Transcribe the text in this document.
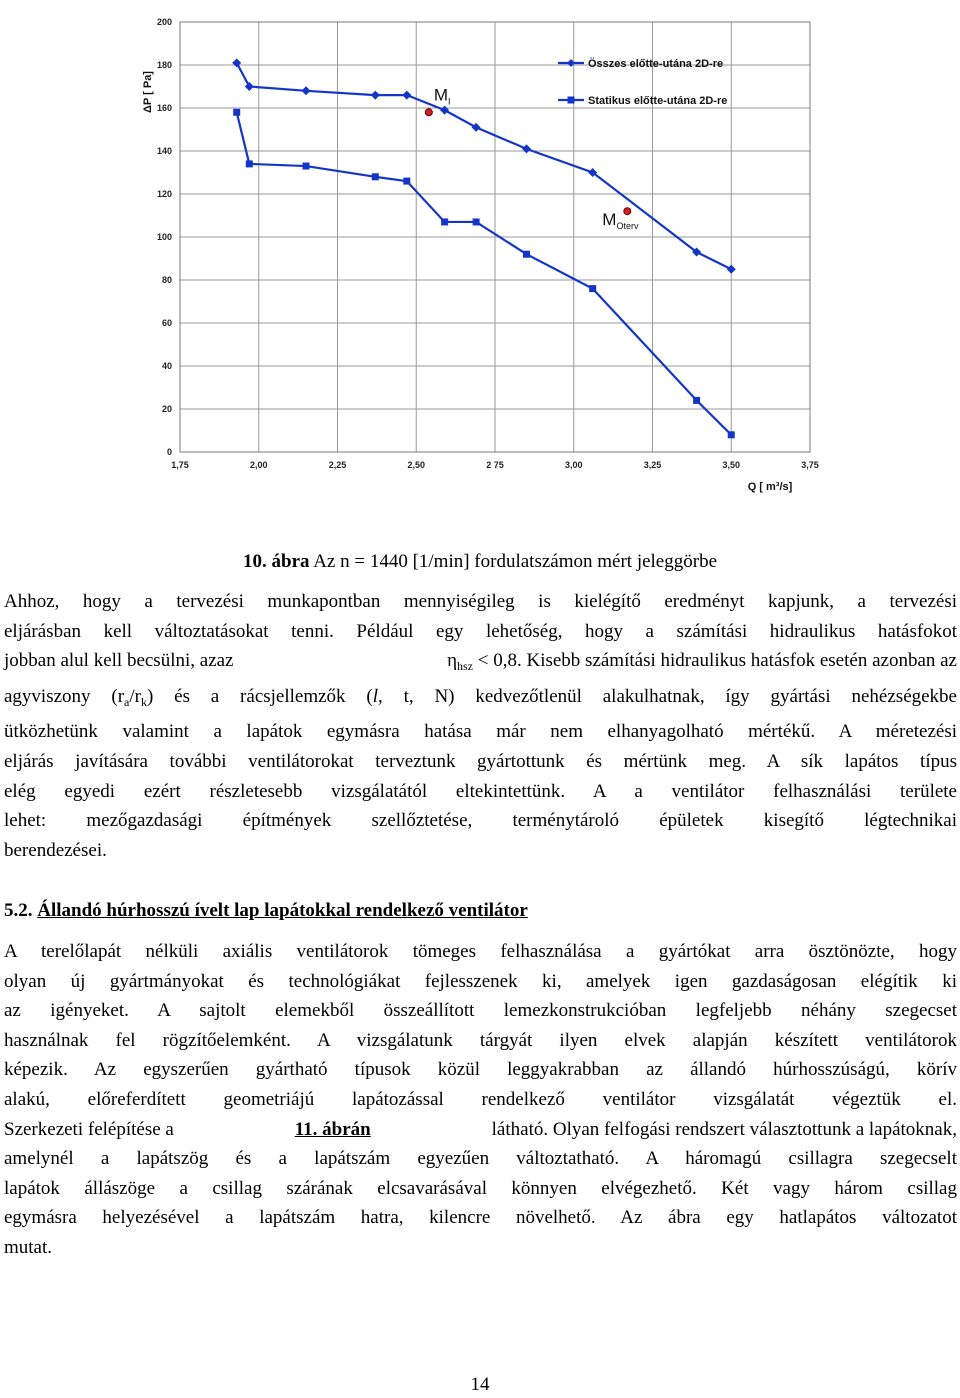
0
20
40
60
80
100
120
140
160
180
200
1,75	2,00	2,25	2,50	2 75	3,00	3,25	3,50	3,75
ΔP [ Pa]
Q [ m³/s]
$M_I$
$M_{Oterv}$
Összes előtte-utána 2D-re
Statikus előtte-utána 2D-re
10. ábra Az n = 1440 [1/min] fordulatszámon mért jeleggörbe
Ahhoz, hogy a tervezési munkapontban mennyiségileg is kielégítő eredményt kapjunk, a tervezési
eljárásban kell változtatásokat tenni. Például egy lehetőség, hogy a számítási hidraulikus hatásfokot
jobban alul kell becsülni, azaz	$\eta_{hsz} < 0,8$. Kisebb számítási hidraulikus hatásfok esetén azonban az
agyviszony $(r_a/r_k)$ és a rácsjellemzők (l, t, N) kedvezőtlenül alakulhatnak, így gyártási nehézségekbe
ütközhetünk valamint a lapátok egymásra hatása már nem elhanyagolható mértékű. A méretezési
eljárás javítására további ventilátorokat terveztunk gyártottunk és mértünk meg. A sík lapátos típus
elég egyedi ezért részletesebb vizsgálatától eltekintettünk. A a ventilátor felhasználási területe
lehet: mezőgazdasági építmények szellőztetése, terménytároló épületek kisegítő légtechnikai
berendezései.
5.2. Állandó húrhosszú ívelt lap lapátokkal rendelkező ventilátor
A terelőlapát nélküli axiális ventilátorok tömeges felhasználása a gyártókat arra ösztönözte, hogy
olyan új gyártmányokat és technológiákat fejlesszenek ki, amelyek igen gazdaságosan elégítik ki
az igényeket. A sajtolt elemekből összeállított lemezkonstrukcióban legfeljebb néhány szegecset
használnak fel rögzítőelemként. A vizsgálatunk tárgyát ilyen elvek alapján készített ventilátorok
képezik. Az egyszerűen gyártható típusok közül leggyakrabban az állandó húrhosszúságú, körív
alakú, előreferdített geometriájú lapátozással rendelkező ventilátor vizsgálatát végeztük el.
Szerkezeti felépítése a	11. ábrán	látható. Olyan felfogási rendszert választottunk a lapátoknak,
amelynél a lapátszög és a lapátszám egyezűen változtatható. A háromagú csillagra szegecselt
lapátok állászöge a csillag szárának elcsavarásával könnyen elvégezhető. Két vagy három csillag
egymásra helyezésével a lapátszám hatra, kilencre növelhető. Az ábra egy hatlapátos változatot
mutat.
14
